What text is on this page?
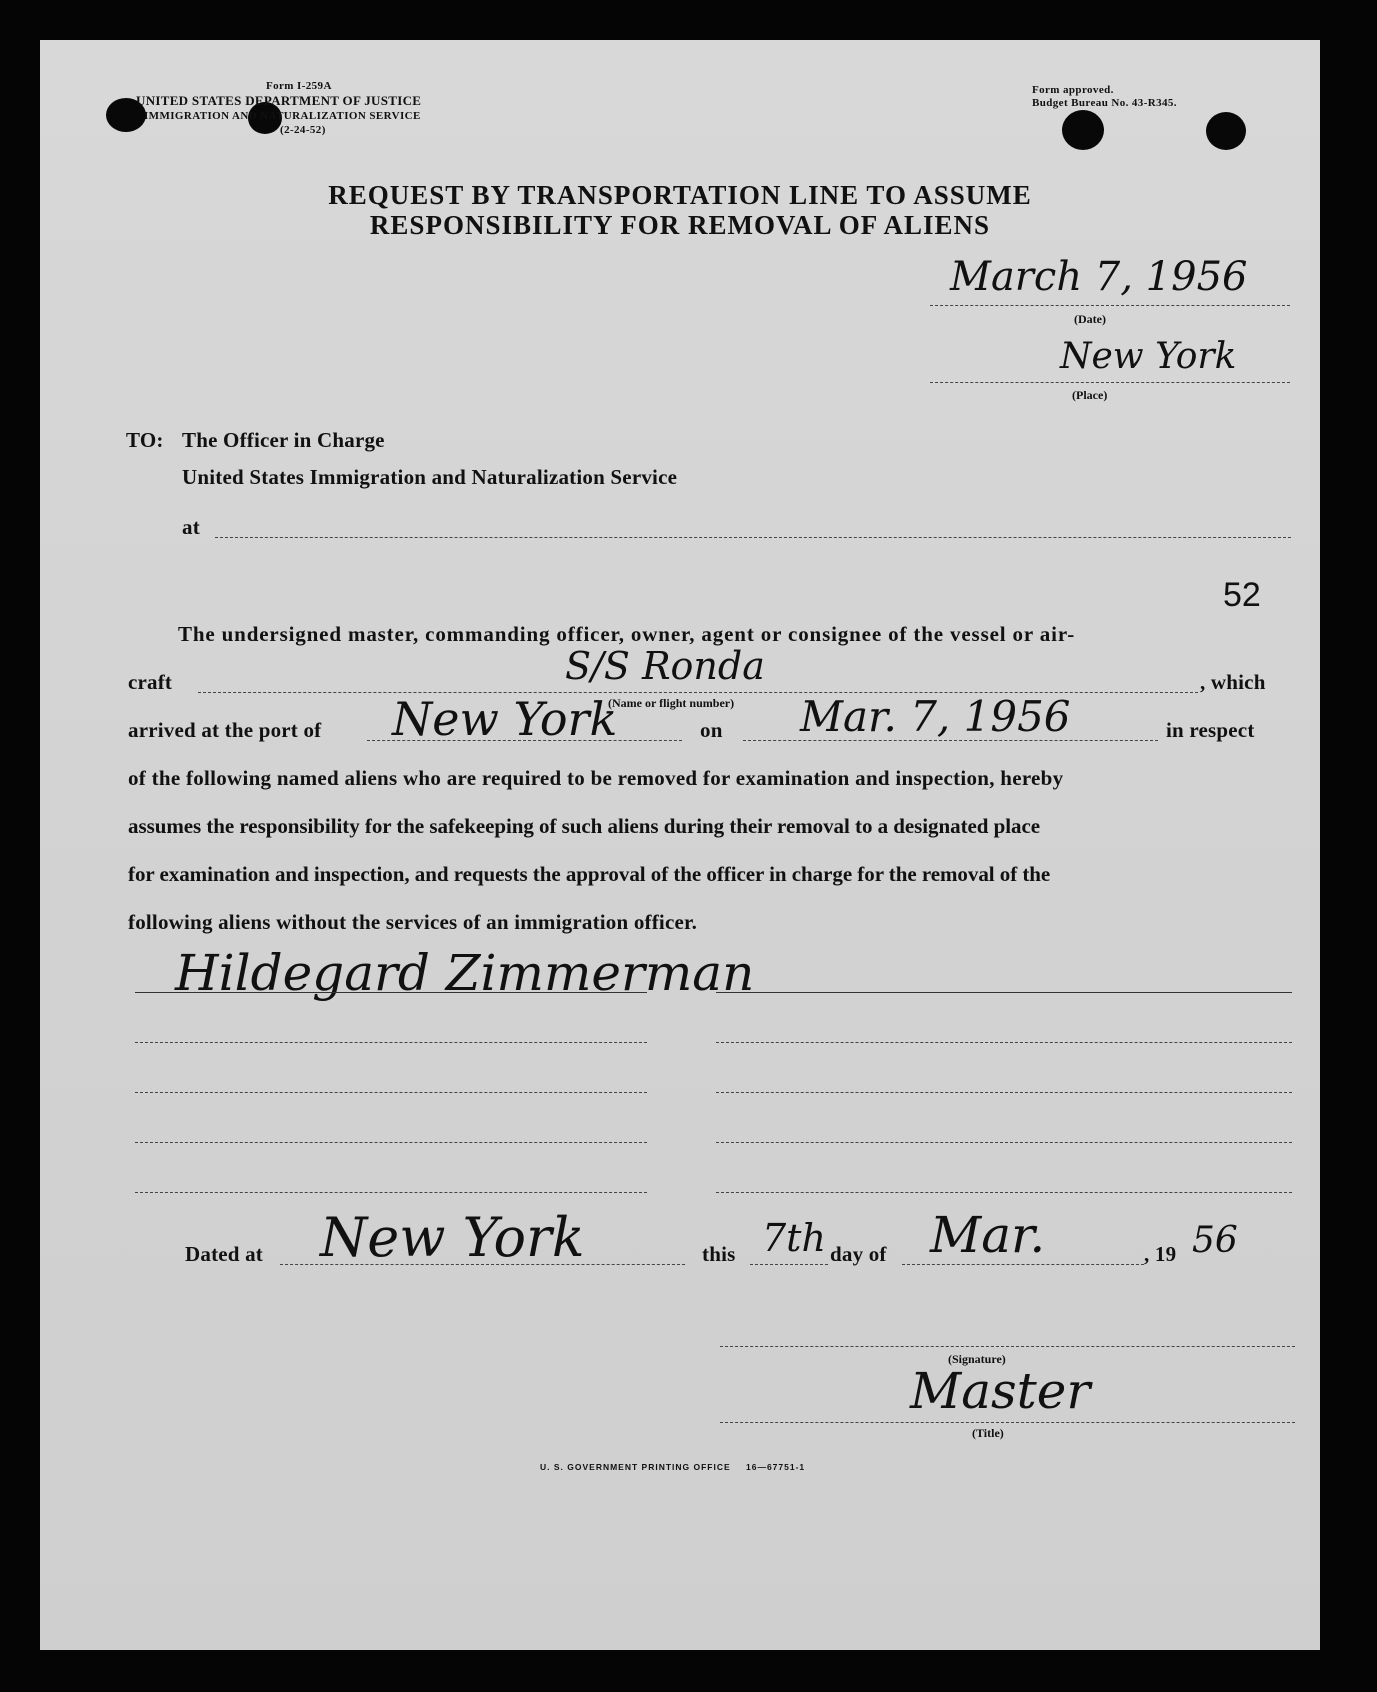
Form I-259A
UNITED STATES DEPARTMENT OF JUSTICE
IMMIGRATION AND NATURALIZATION SERVICE
(2-24-52)
Form approved.
Budget Bureau No. 43-R345.
REQUEST BY TRANSPORTATION LINE TO ASSUME
RESPONSIBILITY FOR REMOVAL OF ALIENS
March 7, 1956
(Date)
New York
(Place)
TO: The Officer in Charge
United States Immigration and Naturalization Service
at
52
The undersigned master, commanding officer, owner, agent or consignee of the vessel or air-
craft	S/S Ronda	, which
(Name or flight number)
arrived at the port of New York	on Mar. 7, 1956	in respect
of the following named aliens who are required to be removed for examination and inspection, hereby
assumes the responsibility for the safekeeping of such aliens during their removal to a designated place
for examination and inspection, and requests the approval of the officer in charge for the removal of the
following aliens without the services of an immigration officer.
Hildegard Zimmerman
Dated at New York	this 7th day of Mar.	, 19 56
(Signature)
Master
(Title)
U. S. GOVERNMENT PRINTING OFFICE 16—67751-1
